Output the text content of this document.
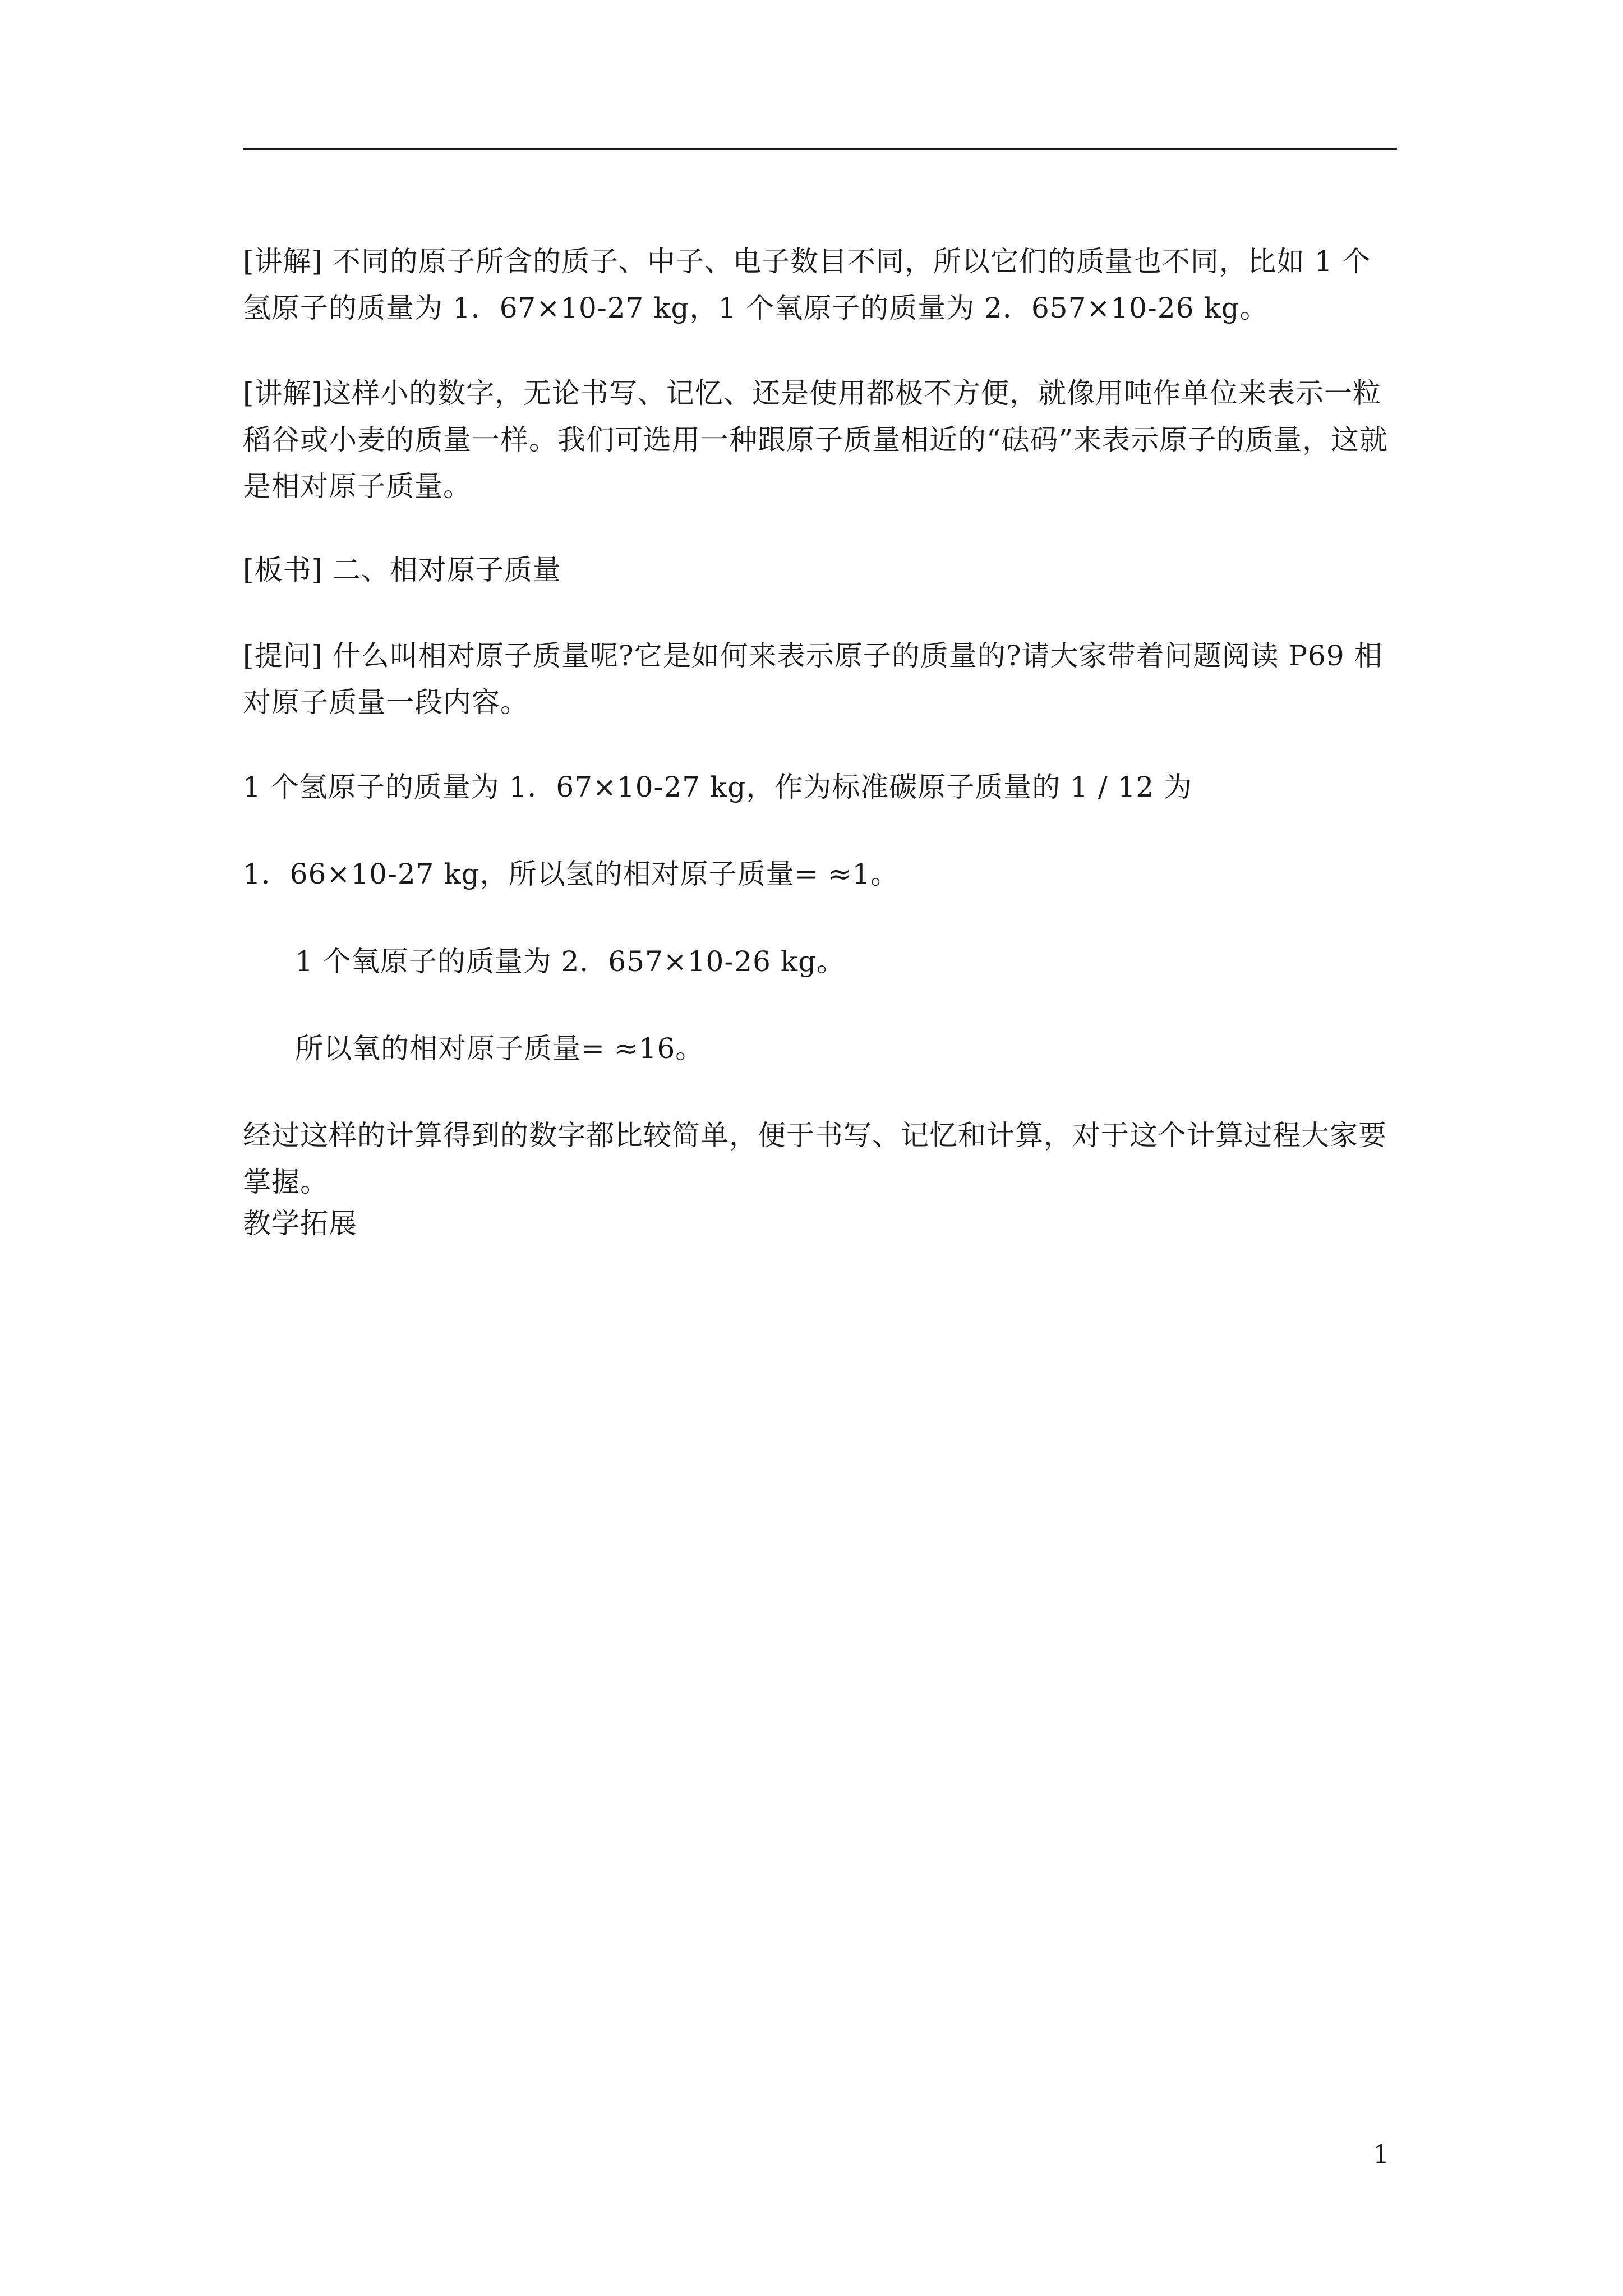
[讲解] 不同的原子所含的质子、中子、电子数目不同，所以它们的质量也不同，比如 1 个氢原子的质量为 1．67×10-27 kg，1 个氧原子的质量为 2．657×10-26 kg。
[讲解]这样小的数字，无论书写、记忆、还是使用都极不方便，就像用吨作单位来表示一粒稻谷或小麦的质量一样。我们可选用一种跟原子质量相近的“砝码”来表示原子的质量，这就是相对原子质量。
[板书] 二、相对原子质量
[提问] 什么叫相对原子质量呢?它是如何来表示原子的质量的?请大家带着问题阅读 P69 相对原子质量一段内容。
1 个氢原子的质量为 1．67×10-27 kg，作为标准碳原子质量的 1 / 12 为
1．66×10-27 kg，所以氢的相对原子质量= ≈1。
1 个氧原子的质量为 2．657×10-26 kg。
所以氧的相对原子质量= ≈16。
经过这样的计算得到的数字都比较简单，便于书写、记忆和计算，对于这个计算过程大家要掌握。
教学拓展
1
